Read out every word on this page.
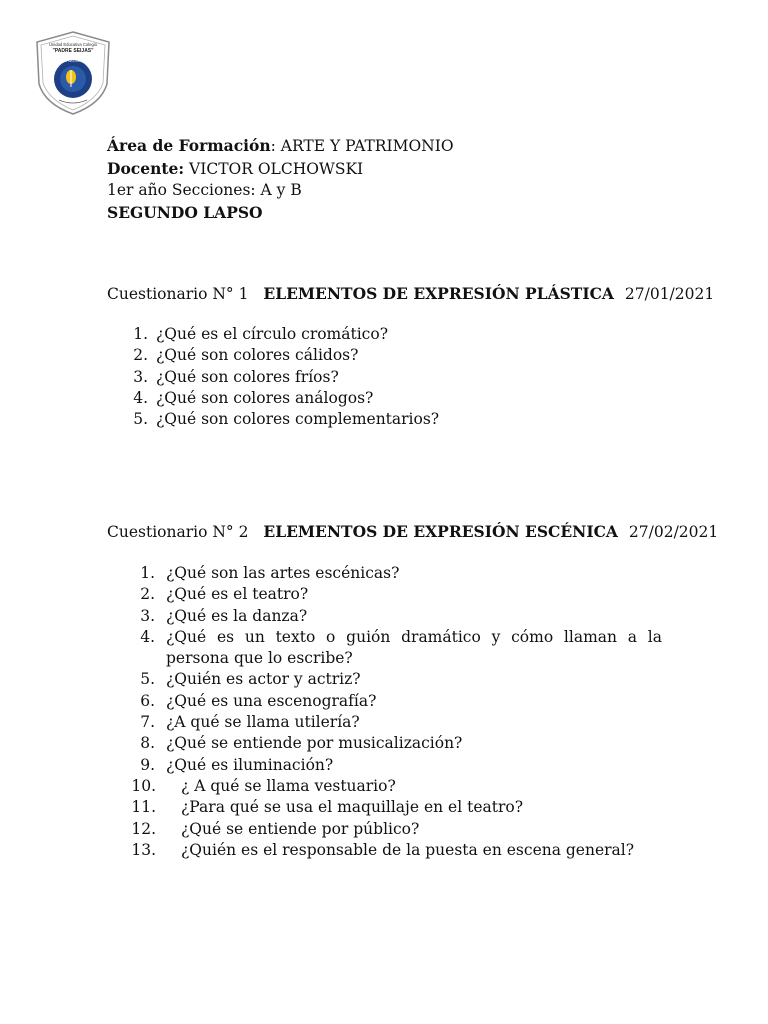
Unidad Educativa Colegio
"PADRE SEIJAS"
EL NÚMERO MÁS MARAVILLOSO
Área de Formación: ARTE Y PATRIMONIO
Docente: VICTOR OLCHOWSKI
1er año Secciones: A y B
SEGUNDO LAPSO
Cuestionario N° 1 ELEMENTOS DE EXPRESIÓN PLÁSTICA 27/01/2021
1. ¿Qué es el círculo cromático?
2. ¿Qué son colores cálidos?
3. ¿Qué son colores fríos?
4. ¿Qué son colores análogos?
5. ¿Qué son colores complementarios?
Cuestionario N° 2 ELEMENTOS DE EXPRESIÓN ESCÉNICA 27/02/2021
1. ¿Qué son las artes escénicas?
2. ¿Qué es el teatro?
3. ¿Qué es la danza?
4. ¿Qué es un texto o guión dramático y cómo llaman a la persona que lo escribe?
5. ¿Quién es actor y actriz?
6. ¿Qué es una escenografía?
7. ¿A qué se llama utilería?
8. ¿Qué se entiende por musicalización?
9. ¿Qué es iluminación?
10. ¿ A qué se llama vestuario?
11. ¿Para qué se usa el maquillaje en el teatro?
12. ¿Qué se entiende por público?
13. ¿Quién es el responsable de la puesta en escena general?
